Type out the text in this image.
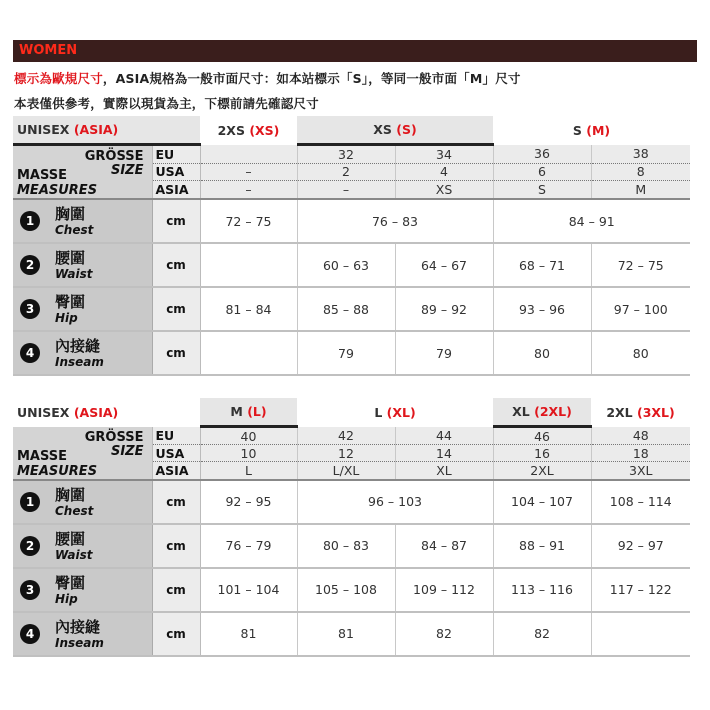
WOMEN
標示為歐規尺寸，ASIA規格為一般市面尺寸：如本站標示「S」，等同一般市面「M」尺寸
本表僅供參考，實際以現貨為主，下標前請先確認尺寸
UNISEX (ASIA)		2XS (XS)	XS (S)		S (M)	

GRÖSSE
SIZE
MASSE
MEASURES	EU		32	34	36	38
	USA	–	2	4	6	8
	ASIA	–	–	XS	S	M

1 胸圍
Chest	cm	72 – 75	76 – 83		84 – 91	

2 腰圍
Waist	cm		60 – 63	64 – 67	68 – 71	72 – 75

3 臀圍
Hip	cm	81 – 84	85 – 88	89 – 92	93 – 96	97 – 100

4 內接縫
Inseam	cm		79	79	80	80
UNISEX (ASIA)		M (L)	L (XL)		XL (2XL)	2XL (3XL)

GRÖSSE
SIZE
MASSE
MEASURES	EU	40	42	44	46	48
	USA	10	12	14	16	18
	ASIA	L	L/XL	XL	2XL	3XL

1 胸圍
Chest	cm	92 – 95	96 – 103		104 – 107	108 – 114

2 腰圍
Waist	cm	76 – 79	80 – 83	84 – 87	88 – 91	92 – 97

3 臀圍
Hip	cm	101 – 104	105 – 108	109 – 112	113 – 116	117 – 122

4 內接縫
Inseam	cm	81	81	82	82	
